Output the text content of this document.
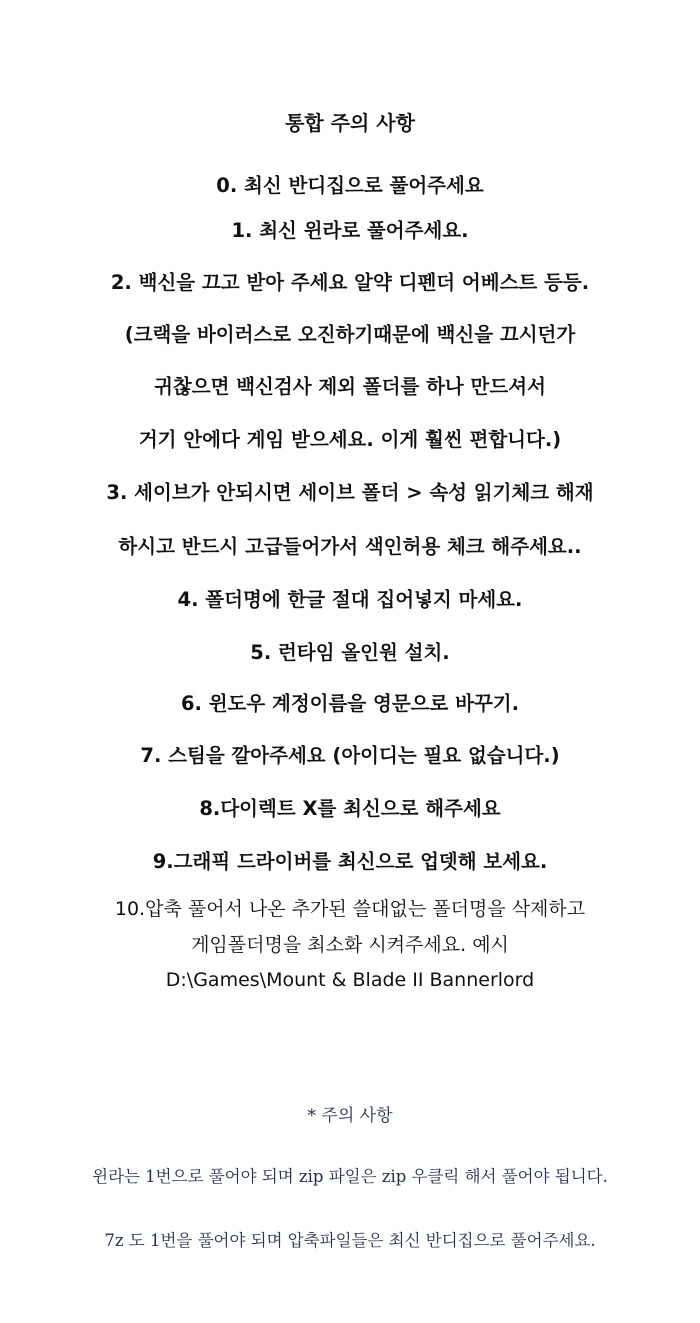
통합 주의 사항
0. 최신 반디집으로 풀어주세요
1. 최신 윈라로 풀어주세요.
2. 백신을 끄고 받아 주세요 알약 디펜더 어베스트 등등.
(크랙을 바이러스로 오진하기때문에 백신을 끄시던가
귀찮으면 백신검사 제외 폴더를 하나 만드셔서
거기 안에다 게임 받으세요. 이게 훨씬 편합니다.)
3. 세이브가 안되시면 세이브 폴더 > 속성 읽기체크 해재
하시고 반드시 고급들어가서 색인허용 체크 해주세요..
4. 폴더명에 한글 절대 집어넣지 마세요.
5. 런타임 올인원 설치.
6. 윈도우 계정이름을 영문으로 바꾸기.
7. 스팀을 깔아주세요 (아이디는 필요 없습니다.)
8.다이렉트 X를 최신으로 해주세요
9.그래픽 드라이버를 최신으로 업뎃해 보세요.
10.압축 풀어서 나온 추가된 쓸대없는 폴더명을 삭제하고
게임폴더명을 최소화 시켜주세요. 예시
D:\Games\Mount & Blade II Bannerlord
* 주의 사항
윈라는 1번으로 풀어야 되며 zip 파일은 zip 우클릭 해서 풀어야 됩니다.
7z 도 1번을 풀어야 되며 압축파일들은 최신 반디집으로 풀어주세요.
